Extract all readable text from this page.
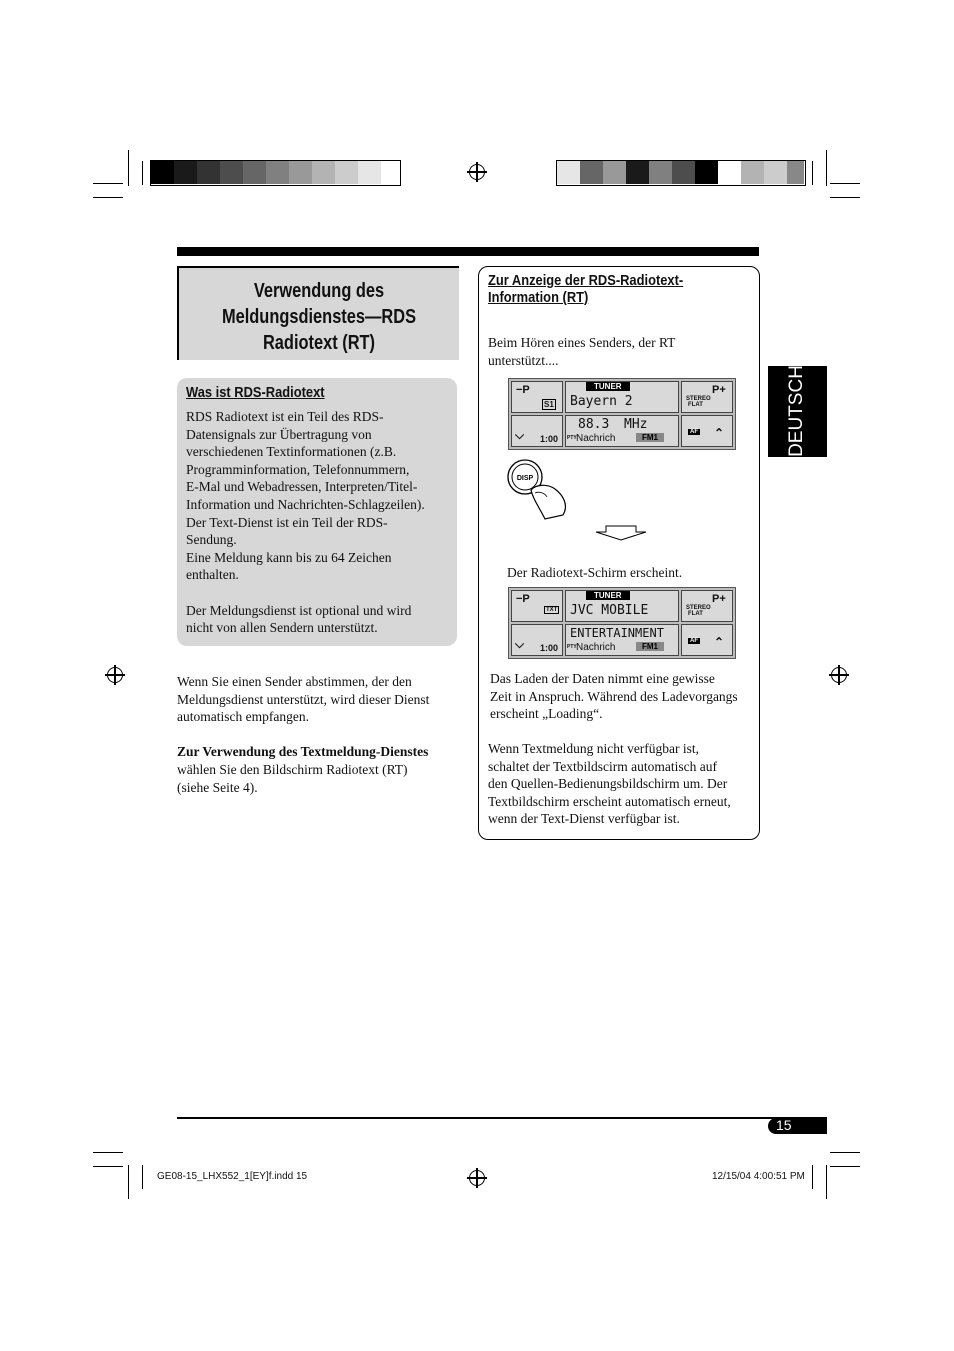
Verwendung des
Meldungsdienstes—RDS
Radiotext (RT)
Was ist RDS-Radiotext
RDS Radiotext ist ein Teil des RDS-
Datensignals zur Übertragung von
verschiedenen Textinformationen (z.B.
Programminformation, Telefonnummern,
E-Mal und Webadressen, Interpreten/Titel-
Information und Nachrichten-Schlagzeilen).
Der Text-Dienst ist ein Teil der RDS-
Sendung.
Eine Meldung kann bis zu 64 Zeichen
enthalten.
Der Meldungsdienst ist optional und wird
nicht von allen Sendern unterstützt.
Wenn Sie einen Sender abstimmen, der den
Meldungsdienst unterstützt, wird dieser Dienst
automatisch empfangen.
Zur Verwendung des Textmeldung-Dienstes
wählen Sie den Bildschirm Radiotext (RT)
(siehe Seite 4).
Zur Anzeige der RDS-Radiotext-
Information (RT)
Beim Hören eines Senders, der RT
unterstützt....
−P
S1
TUNER
Bayern 2
P+
STEREO
FLAT
⌵ 1:00
88.3 MHz
PTY Nachrich	FM1
AF ⌃
DISP
Der Radiotext-Schirm erscheint.
−P
TXT
TUNER
JVC MOBILE
P+
STEREO
FLAT
⌵ 1:00
ENTERTAINMENT
PTY Nachrich	FM1
AF ⌃
Das Laden der Daten nimmt eine gewisse
Zeit in Anspruch. Während des Ladevorgangs
erscheint „Loading“.
Wenn Textmeldung nicht verfügbar ist,
schaltet der Textbildscirm automatisch auf
den Quellen-Bedienungsbildschirm um. Der
Textbildschirm erscheint automatisch erneut,
wenn der Text-Dienst verfügbar ist.
DEUTSCH
15
GE08-15_LHX552_1[EY]f.indd 15	12/15/04 4:00:51 PM
